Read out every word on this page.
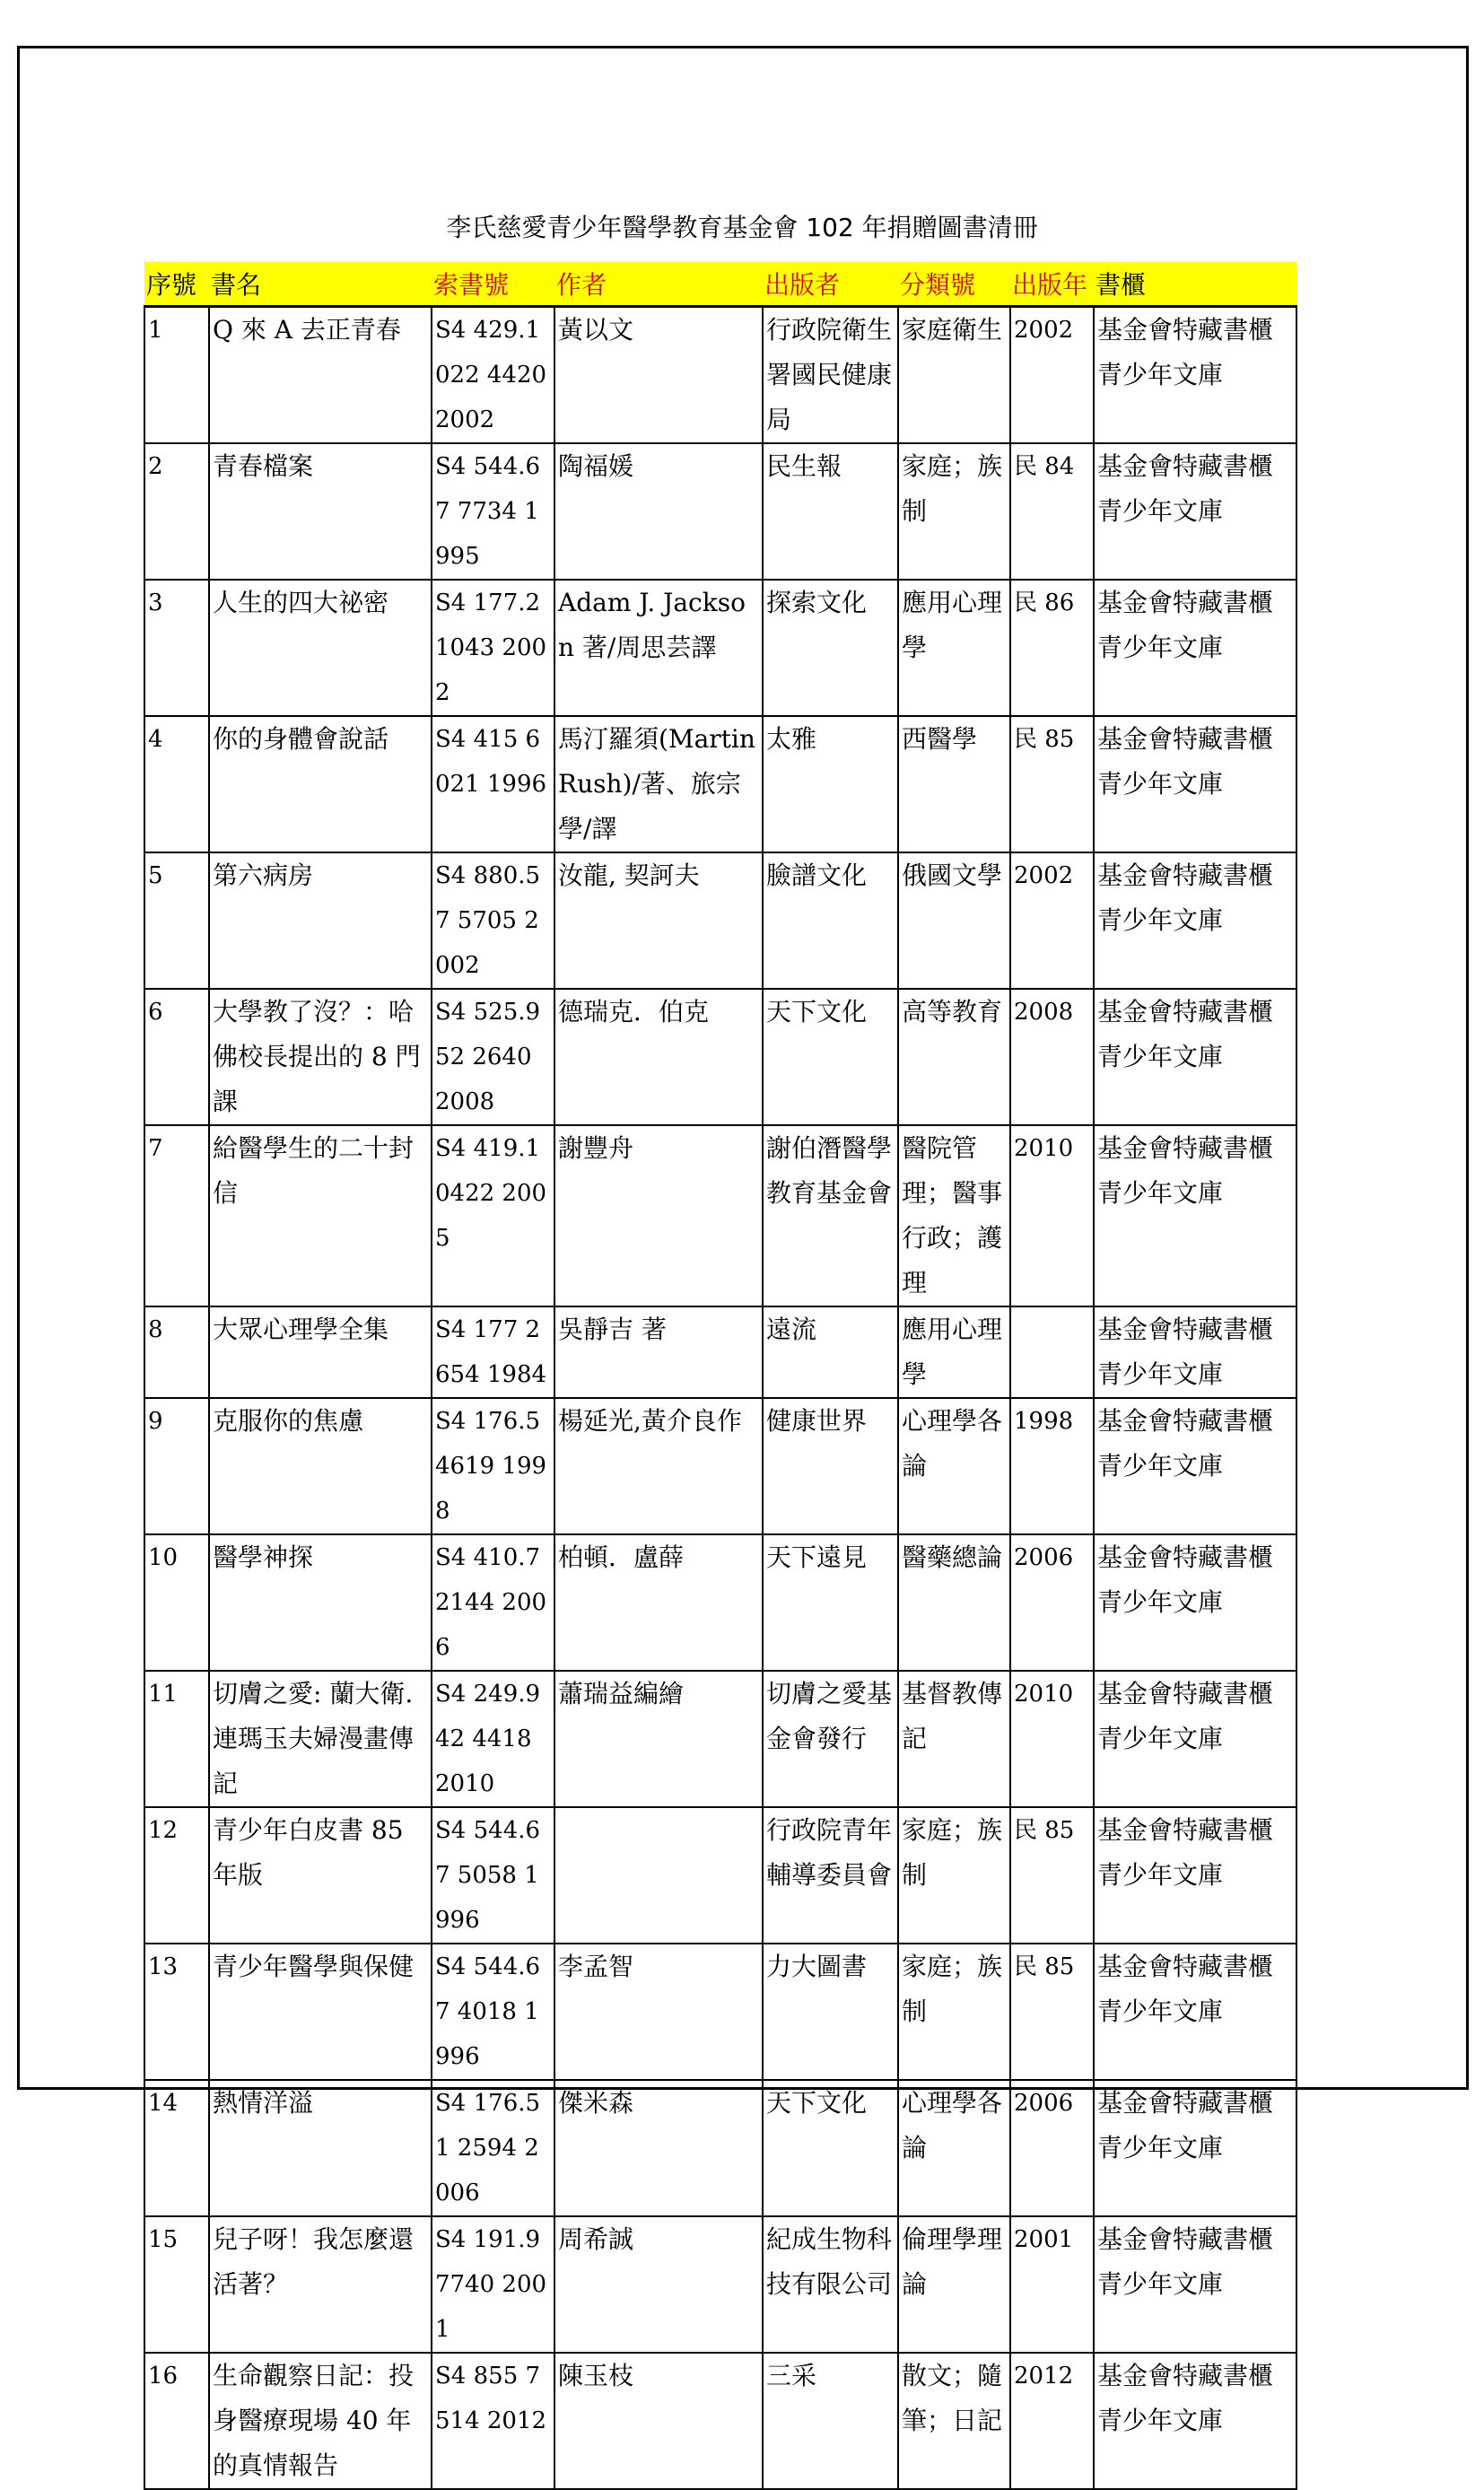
李氏慈愛青少年醫學教育基金會 102 年捐贈圖書清冊
序號	書名	索書號	作者	出版者	分類號	出版年	書櫃
1	Q 來 A 去正青春	S4 429.1022 4420 2002	黃以文	行政院衛生署國民健康局	家庭衛生	2002	基金會特藏書櫃青少年文庫
2	青春檔案	S4 544.67 7734 1995	陶福媛	民生報	家庭；族制	民 84	基金會特藏書櫃青少年文庫
3	人生的四大祕密	S4 177.2 1043 2002	Adam J. Jackson 著/周思芸譯	探索文化	應用心理學	民 86	基金會特藏書櫃青少年文庫
4	你的身體會說話	S4 415 6021 1996	馬汀羅須(Martin Rush)/著、旅宗學/譯	太雅	西醫學	民 85	基金會特藏書櫃青少年文庫
5	第六病房	S4 880.57 5705 2002	汝龍, 契訶夫	臉譜文化	俄國文學	2002	基金會特藏書櫃青少年文庫
6	大學教了沒？：哈佛校長提出的 8 門課	S4 525.952 2640 2008	德瑞克．伯克	天下文化	高等教育	2008	基金會特藏書櫃青少年文庫
7	給醫學生的二十封信	S4 419.1 0422 2005	謝豐舟	謝伯潛醫學教育基金會	醫院管理；醫事行政；護理	2010	基金會特藏書櫃青少年文庫
8	大眾心理學全集	S4 177 2654 1984	吳靜吉 著	遠流	應用心理學		基金會特藏書櫃青少年文庫
9	克服你的焦慮	S4 176.5 4619 1998	楊延光,黃介良作	健康世界	心理學各論	1998	基金會特藏書櫃青少年文庫
10	醫學神探	S4 410.7 2144 2006	柏頓．盧薛	天下遠見	醫藥總論	2006	基金會特藏書櫃青少年文庫
11	切膚之愛: 蘭大衛. 連瑪玉夫婦漫畫傳記	S4 249.942 4418 2010	蕭瑞益編繪	切膚之愛基金會發行	基督教傳記	2010	基金會特藏書櫃青少年文庫
12	青少年白皮書 85 年版	S4 544.67 5058 1996		行政院青年輔導委員會	家庭；族制	民 85	基金會特藏書櫃青少年文庫
13	青少年醫學與保健	S4 544.67 4018 1996	李孟智	力大圖書	家庭；族制	民 85	基金會特藏書櫃青少年文庫
14	熱情洋溢	S4 176.51 2594 2006	傑米森	天下文化	心理學各論	2006	基金會特藏書櫃青少年文庫
15	兒子呀！我怎麼還活著？	S4 191.9 7740 2001	周希誠	紀成生物科技有限公司	倫理學理論	2001	基金會特藏書櫃青少年文庫
16	生命觀察日記：投身醫療現場 40 年的真情報告	S4 855 7514 2012	陳玉枝	三采	散文；隨筆；日記	2012	基金會特藏書櫃青少年文庫
